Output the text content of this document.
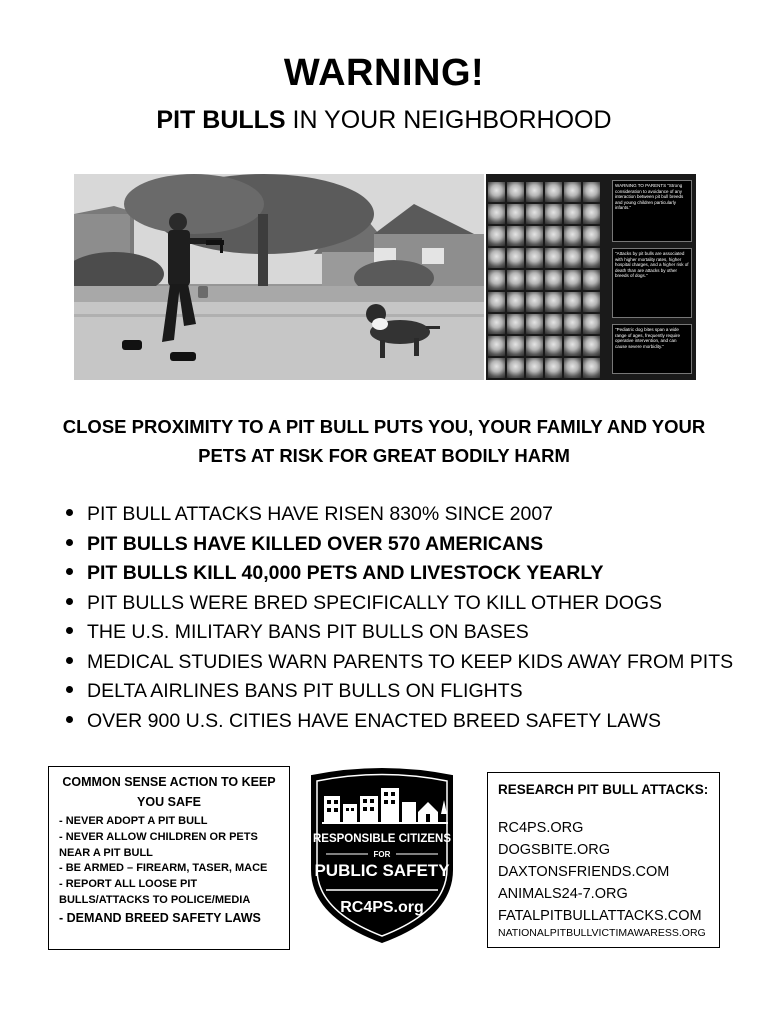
WARNING!
PIT BULLS IN YOUR NEIGHBORHOOD
WARNING TO PARENTS "Strong consideration to avoidance of any interaction between pit bull breeds and young children particularly infants."
"Attacks by pit bulls are associated with higher mortality rates, higher hospital charges, and a higher risk of death than are attacks by other breeds of dogs."
"Pediatric dog bites span a wide range of ages, frequently require operative intervention, and can cause severe morbidity."
CLOSE PROXIMITY TO A PIT BULL PUTS YOU, YOUR FAMILY AND YOUR PETS AT RISK FOR GREAT BODILY HARM
PIT BULL ATTACKS HAVE RISEN 830% SINCE 2007
PIT BULLS HAVE KILLED OVER 570 AMERICANS
PIT BULLS KILL 40,000 PETS AND LIVESTOCK YEARLY
PIT BULLS WERE BRED SPECIFICALLY TO KILL OTHER DOGS
THE U.S. MILITARY BANS PIT BULLS ON BASES
MEDICAL STUDIES WARN PARENTS TO KEEP KIDS AWAY FROM PITS
DELTA AIRLINES BANS PIT BULLS ON FLIGHTS
OVER 900 U.S. CITIES HAVE ENACTED BREED SAFETY LAWS
COMMON SENSE ACTION TO KEEP YOU SAFE
- NEVER ADOPT A PIT BULL
- NEVER ALLOW CHILDREN OR PETS NEAR A PIT BULL
- BE ARMED – FIREARM, TASER, MACE
- REPORT ALL LOOSE PIT BULLS/ATTACKS TO POLICE/MEDIA
- DEMAND BREED SAFETY LAWS
RESPONSIBLE CITIZENS
FOR
PUBLIC SAFETY
RC4PS.org
RESEARCH PIT BULL ATTACKS:
RC4PS.ORG
DOGSBITE.ORG
DAXTONSFRIENDS.COM
ANIMALS24-7.ORG
FATALPITBULLATTACKS.COM
NATIONALPITBULLVICTIMAWARESS.ORG
